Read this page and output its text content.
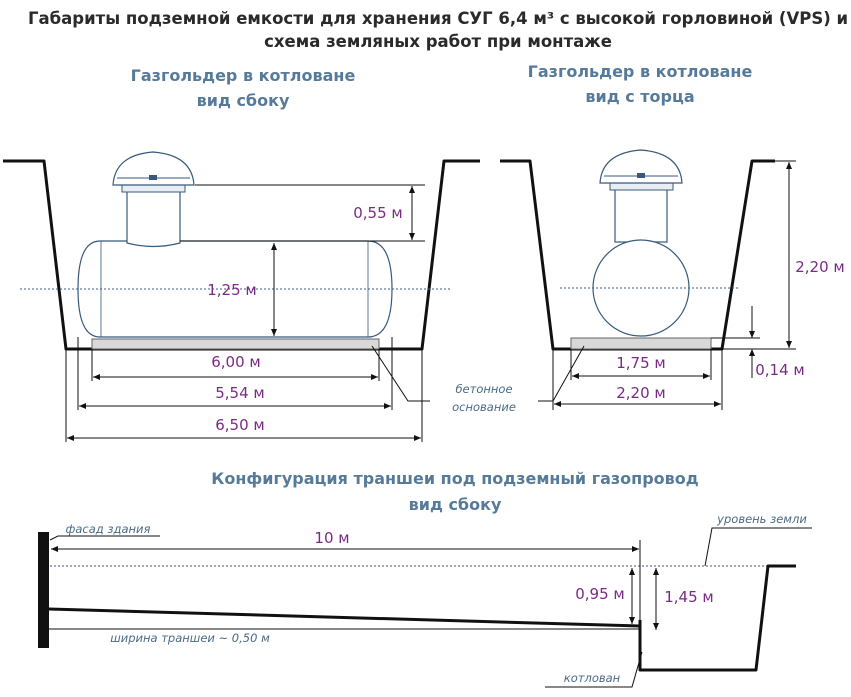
Габариты подземной емкости для хранения СУГ 6,4 м³ с высокой горловиной (VPS) и
схема земляных работ при монтаже
Газгольдер в котловане
вид сбоку
Газгольдер в котловане
вид с торца
0,55 м
1,25 м
6,00 м
5,54 м
6,50 м
бетонное
основание
2,20 м
0,14 м
1,75 м
2,20 м
Конфигурация траншеи под подземный газопровод
вид сбоку
10 м
0,95 м	1,45 м
фасад здания
уровень земли
ширина траншеи ~ 0,50 м
котлован
